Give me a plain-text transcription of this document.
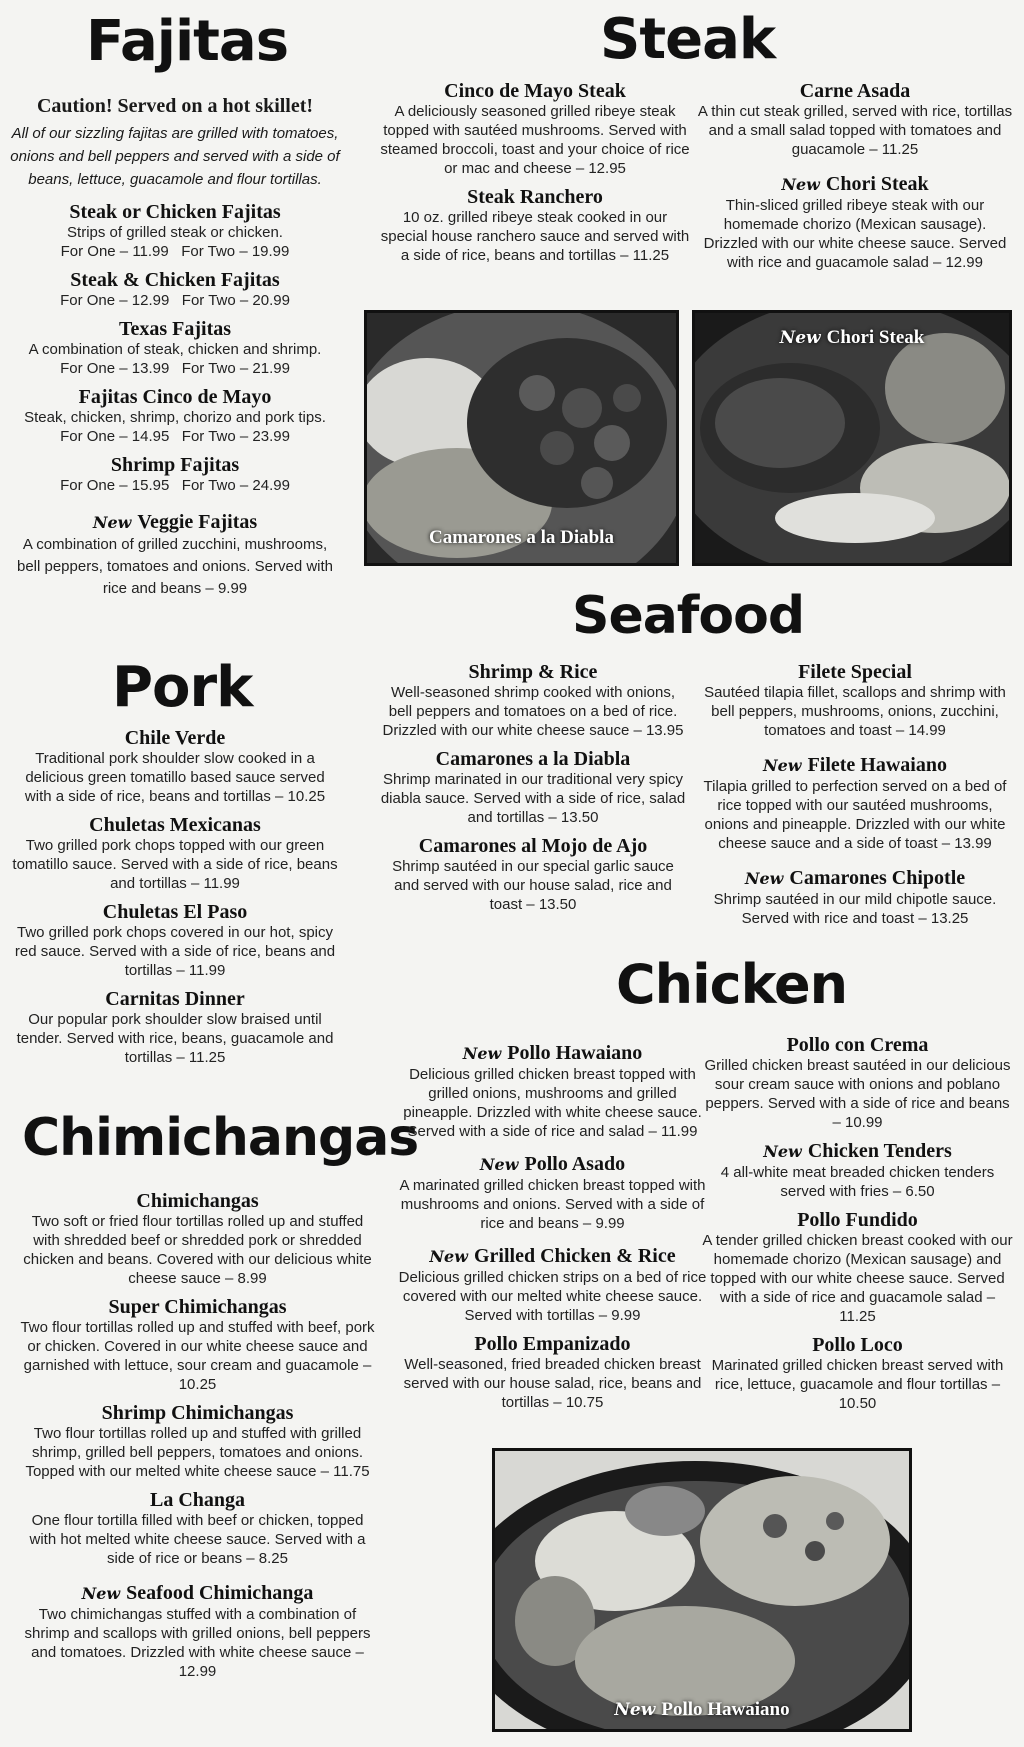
Fajitas
Caution! Served on a hot skillet!
All of our sizzling fajitas are grilled with tomatoes, onions and bell peppers and served with a side of beans, lettuce, guacamole and flour tortillas.
Steak or Chicken Fajitas
Strips of grilled steak or chicken.
For One – 11.99   For Two – 19.99
Steak & Chicken Fajitas
For One – 12.99   For Two – 20.99
Texas Fajitas
A combination of steak, chicken and shrimp.
For One – 13.99   For Two – 21.99
Fajitas Cinco de Mayo
Steak, chicken, shrimp, chorizo and pork tips.
For One – 14.95   For Two – 23.99
Shrimp Fajitas
For One – 15.95   For Two – 24.99
New Veggie Fajitas
A combination of grilled zucchini, mushrooms, bell peppers, tomatoes and onions. Served with rice and beans – 9.99
Pork
Chile Verde
Traditional pork shoulder slow cooked in a delicious green tomatillo based sauce served with a side of rice, beans and tortillas – 10.25
Chuletas Mexicanas
Two grilled pork chops topped with our green tomatillo sauce. Served with a side of rice, beans and tortillas – 11.99
Chuletas El Paso
Two grilled pork chops covered in our hot, spicy red sauce. Served with a side of rice, beans and tortillas – 11.99
Carnitas Dinner
Our popular pork shoulder slow braised until tender. Served with rice, beans, guacamole and tortillas – 11.25
Chimichangas
Chimichangas
Two soft or fried flour tortillas rolled up and stuffed with shredded beef or shredded pork or shredded chicken and beans. Covered with our delicious white cheese sauce – 8.99
Super Chimichangas
Two flour tortillas rolled up and stuffed with beef, pork or chicken. Covered in our white cheese sauce and garnished with lettuce, sour cream and guacamole – 10.25
Shrimp Chimichangas
Two flour tortillas rolled up and stuffed with grilled shrimp, grilled bell peppers, tomatoes and onions. Topped with our melted white cheese sauce – 11.75
La Changa
One flour tortilla filled with beef or chicken, topped with hot melted white cheese sauce. Served with a side of rice or beans – 8.25
New Seafood Chimichanga
Two chimichangas stuffed with a combination of shrimp and scallops with grilled onions, bell peppers and tomatoes. Drizzled with white cheese sauce – 12.99
Steak
Cinco de Mayo Steak
A deliciously seasoned grilled ribeye steak topped with sautéed mushrooms. Served with steamed broccoli, toast and your choice of rice or mac and cheese – 12.95
Steak Ranchero
10 oz. grilled ribeye steak cooked in our special house ranchero sauce and served with a side of rice, beans and tortillas – 11.25
Carne Asada
A thin cut steak grilled, served with rice, tortillas and a small salad topped with tomatoes and guacamole – 11.25
New Chori Steak
Thin-sliced grilled ribeye steak with our homemade chorizo (Mexican sausage). Drizzled with our white cheese sauce. Served with rice and guacamole salad – 12.99
Camarones a la Diabla
New Chori Steak
Seafood
Shrimp & Rice
Well-seasoned shrimp cooked with onions, bell peppers and tomatoes on a bed of rice. Drizzled with our white cheese sauce – 13.95
Camarones a la Diabla
Shrimp marinated in our traditional very spicy diabla sauce. Served with a side of rice, salad and tortillas – 13.50
Camarones al Mojo de Ajo
Shrimp sautéed in our special garlic sauce and served with our house salad, rice and toast – 13.50
Filete Special
Sautéed tilapia fillet, scallops and shrimp with bell peppers, mushrooms, onions, zucchini, tomatoes and toast – 14.99
New Filete Hawaiano
Tilapia grilled to perfection served on a bed of rice topped with our sautéed mushrooms, onions and pineapple. Drizzled with our white cheese sauce and a side of toast – 13.99
New Camarones Chipotle
Shrimp sautéed in our mild chipotle sauce. Served with rice and toast – 13.25
Chicken
New Pollo Hawaiano
Delicious grilled chicken breast topped with grilled onions, mushrooms and grilled pineapple. Drizzled with white cheese sauce. Served with a side of rice and salad – 11.99
New Pollo Asado
A marinated grilled chicken breast topped with mushrooms and onions. Served with a side of rice and beans – 9.99
New Grilled Chicken & Rice
Delicious grilled chicken strips on a bed of rice covered with our melted white cheese sauce. Served with tortillas – 9.99
Pollo Empanizado
Well-seasoned, fried breaded chicken breast served with our house salad, rice, beans and tortillas – 10.75
Pollo con Crema
Grilled chicken breast sautéed in our delicious sour cream sauce with onions and poblano peppers. Served with a side of rice and beans – 10.99
New Chicken Tenders
4 all-white meat breaded chicken tenders served with fries – 6.50
Pollo Fundido
A tender grilled chicken breast cooked with our homemade chorizo (Mexican sausage) and topped with our white cheese sauce. Served with a side of rice and guacamole salad – 11.25
Pollo Loco
Marinated grilled chicken breast served with rice, lettuce, guacamole and flour tortillas – 10.50
New Pollo Hawaiano
